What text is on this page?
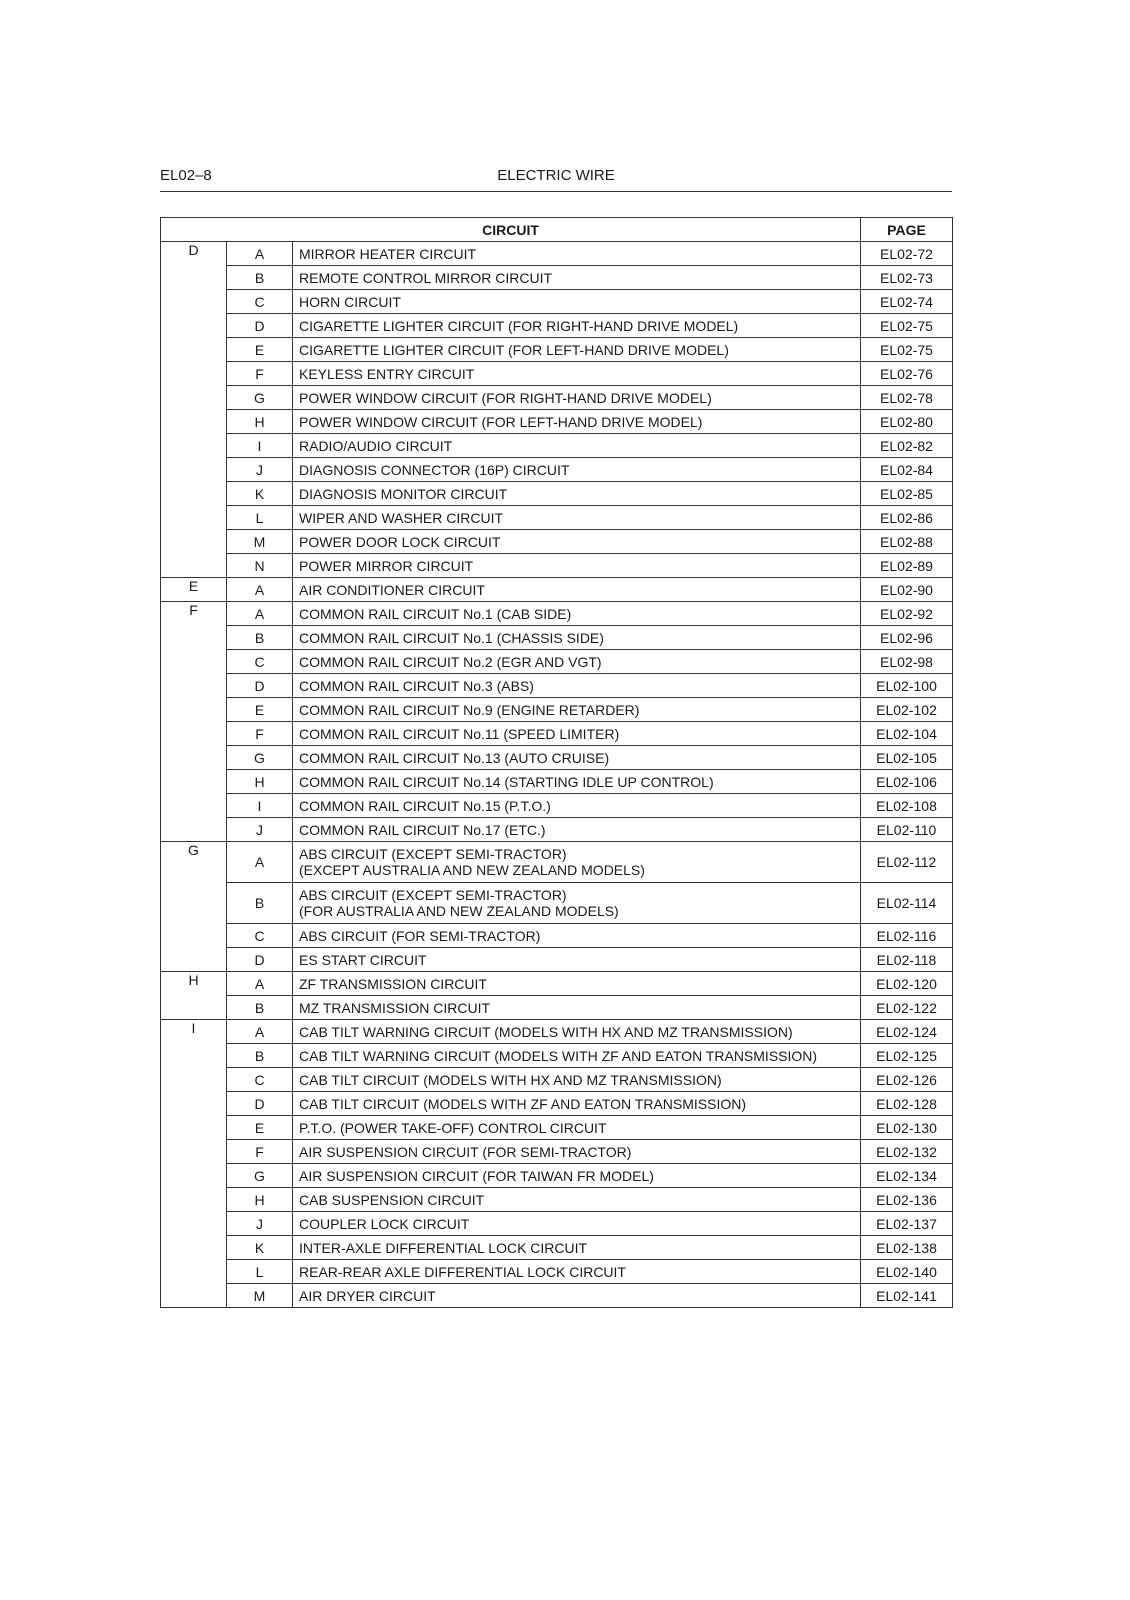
EL02–8	ELECTRIC WIRE
CIRCUIT			PAGE
D	A	MIRROR HEATER CIRCUIT	EL02-72
	B	REMOTE CONTROL MIRROR CIRCUIT	EL02-73
	C	HORN CIRCUIT	EL02-74
	D	CIGARETTE LIGHTER CIRCUIT (FOR RIGHT-HAND DRIVE MODEL)	EL02-75
	E	CIGARETTE LIGHTER CIRCUIT (FOR LEFT-HAND DRIVE MODEL)	EL02-75
	F	KEYLESS ENTRY CIRCUIT	EL02-76
	G	POWER WINDOW CIRCUIT (FOR RIGHT-HAND DRIVE MODEL)	EL02-78
	H	POWER WINDOW CIRCUIT (FOR LEFT-HAND DRIVE MODEL)	EL02-80
	I	RADIO/AUDIO CIRCUIT	EL02-82
	J	DIAGNOSIS CONNECTOR (16P) CIRCUIT	EL02-84
	K	DIAGNOSIS MONITOR CIRCUIT	EL02-85
	L	WIPER AND WASHER CIRCUIT	EL02-86
	M	POWER DOOR LOCK CIRCUIT	EL02-88
	N	POWER MIRROR CIRCUIT	EL02-89
E	A	AIR CONDITIONER CIRCUIT	EL02-90
F	A	COMMON RAIL CIRCUIT No.1 (CAB SIDE)	EL02-92
	B	COMMON RAIL CIRCUIT No.1 (CHASSIS SIDE)	EL02-96
	C	COMMON RAIL CIRCUIT No.2 (EGR AND VGT)	EL02-98
	D	COMMON RAIL CIRCUIT No.3 (ABS)	EL02-100
	E	COMMON RAIL CIRCUIT No.9 (ENGINE RETARDER)	EL02-102
	F	COMMON RAIL CIRCUIT No.11 (SPEED LIMITER)	EL02-104
	G	COMMON RAIL CIRCUIT No.13 (AUTO CRUISE)	EL02-105
	H	COMMON RAIL CIRCUIT No.14 (STARTING IDLE UP CONTROL)	EL02-106
	I	COMMON RAIL CIRCUIT No.15 (P.T.O.)	EL02-108
	J	COMMON RAIL CIRCUIT No.17 (ETC.)	EL02-110
G	A	ABS CIRCUIT (EXCEPT SEMI-TRACTOR)
(EXCEPT AUSTRALIA AND NEW ZEALAND MODELS)	EL02-112
	B	ABS CIRCUIT (EXCEPT SEMI-TRACTOR)
(FOR AUSTRALIA AND NEW ZEALAND MODELS)	EL02-114
	C	ABS CIRCUIT (FOR SEMI-TRACTOR)	EL02-116
	D	ES START CIRCUIT	EL02-118
H	A	ZF TRANSMISSION CIRCUIT	EL02-120
	B	MZ TRANSMISSION CIRCUIT	EL02-122
I	A	CAB TILT WARNING CIRCUIT (MODELS WITH HX AND MZ TRANSMISSION)	EL02-124
	B	CAB TILT WARNING CIRCUIT (MODELS WITH ZF AND EATON TRANSMISSION)	EL02-125
	C	CAB TILT CIRCUIT (MODELS WITH HX AND MZ TRANSMISSION)	EL02-126
	D	CAB TILT CIRCUIT (MODELS WITH ZF AND EATON TRANSMISSION)	EL02-128
	E	P.T.O. (POWER TAKE-OFF) CONTROL CIRCUIT	EL02-130
	F	AIR SUSPENSION CIRCUIT (FOR SEMI-TRACTOR)	EL02-132
	G	AIR SUSPENSION CIRCUIT (FOR TAIWAN FR MODEL)	EL02-134
	H	CAB SUSPENSION CIRCUIT	EL02-136
	J	COUPLER LOCK CIRCUIT	EL02-137
	K	INTER-AXLE DIFFERENTIAL LOCK CIRCUIT	EL02-138
	L	REAR-REAR AXLE DIFFERENTIAL LOCK CIRCUIT	EL02-140
	M	AIR DRYER CIRCUIT	EL02-141
